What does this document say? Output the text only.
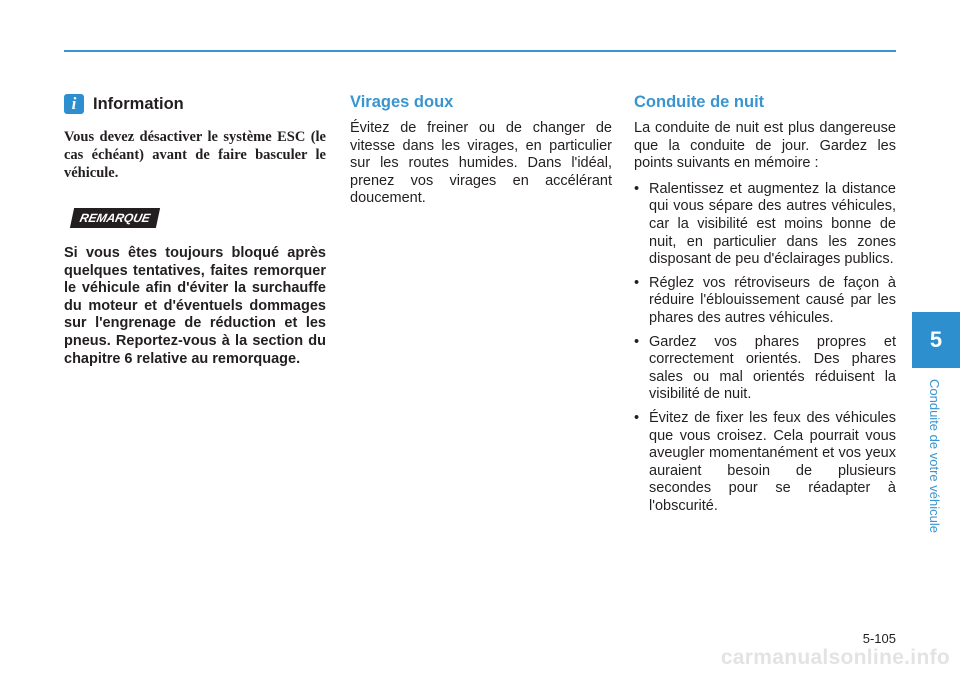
i	Information

Vous devez désactiver le système ESC (le cas échéant) avant de faire basculer le véhicule.

REMARQUE

Si vous êtes toujours bloqué après quelques tentatives, faites remorquer le véhicule afin d'éviter la surchauffe du moteur et d'éventuels dommages sur l'engrenage de réduction et les pneus. Reportez-vous à la section du chapitre 6 relative au remorquage.

Virages doux

Évitez de freiner ou de changer de vitesse dans les virages, en particulier sur les routes humides. Dans l'idéal, prenez vos virages en accélérant doucement.

Conduite de nuit

La conduite de nuit est plus dangereuse que la conduite de jour. Gardez les points suivants en mémoire :

• Ralentissez et augmentez la distance qui vous sépare des autres véhicules, car la visibilité est moins bonne de nuit, en particulier dans les zones disposant de peu d'éclairages publics.
• Réglez vos rétroviseurs de façon à réduire l'éblouissement causé par les phares des autres véhicules.
• Gardez vos phares propres et correctement orientés. Des phares sales ou mal orientés réduisent la visibilité de nuit.
• Évitez de fixer les feux des véhicules que vous croisez. Cela pourrait vous aveugler momentanément et vos yeux auraient besoin de plusieurs secondes pour se réadapter à l'obscurité.
5
Conduite de votre véhicule
5-105
carmanualsonline.info
